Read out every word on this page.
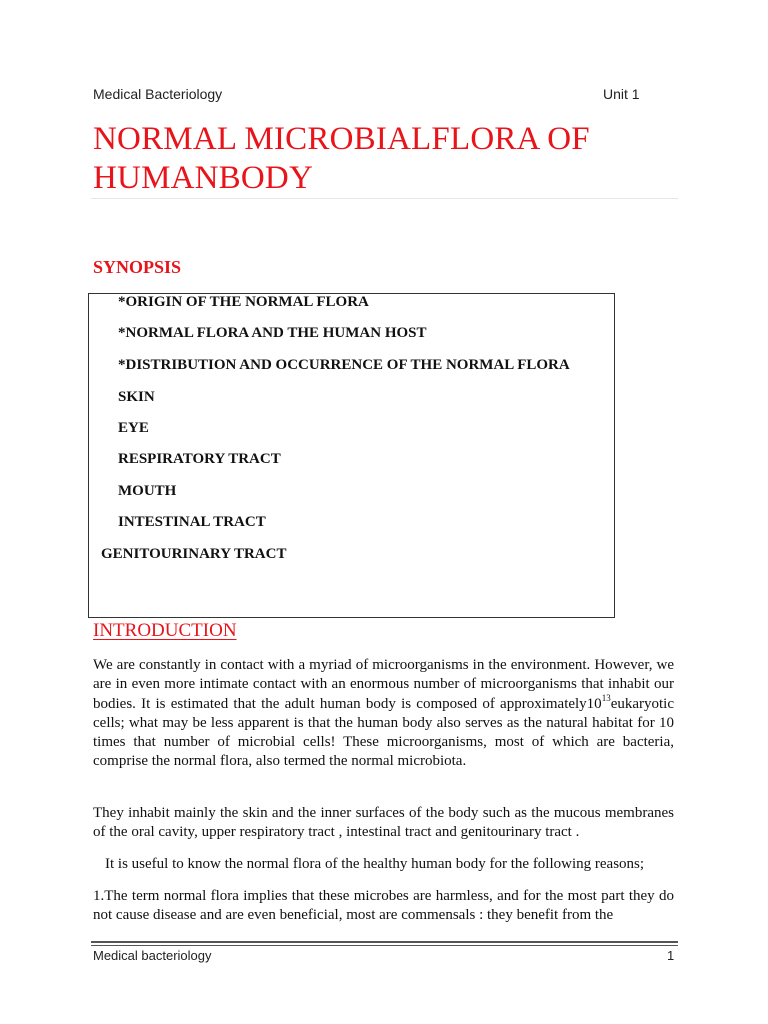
Medical Bacteriology	Unit 1
NORMAL MICROBIALFLORA OF
HUMANBODY
SYNOPSIS
*ORIGIN OF THE NORMAL FLORA
*NORMAL FLORA AND THE HUMAN HOST
*DISTRIBUTION AND OCCURRENCE OF THE NORMAL FLORA
SKIN
EYE
RESPIRATORY TRACT
MOUTH
INTESTINAL TRACT
GENITOURINARY TRACT
INTRODUCTION
We are constantly in contact with a myriad of microorganisms in the environment. However, we are in even more intimate contact with an enormous number of microorganisms that inhabit our bodies. It is estimated that the adult human body is composed of $approximately10^{13}eukaryotic$ cells; what may be less apparent is that the human body also serves as the natural habitat for 10 times that number of microbial cells! These microorganisms, most of which are bacteria, comprise the normal flora, also termed the normal microbiota.
They inhabit mainly the skin and the inner surfaces of the body such as the mucous membranes of the oral cavity, upper respiratory tract , intestinal tract and genitourinary tract .
It is useful to know the normal flora of the healthy human body for the following reasons;
1.The term normal flora implies that these microbes are harmless, and for the most part they do not cause disease and are even beneficial, most are commensals : they benefit from the
Medical bacteriology	1
